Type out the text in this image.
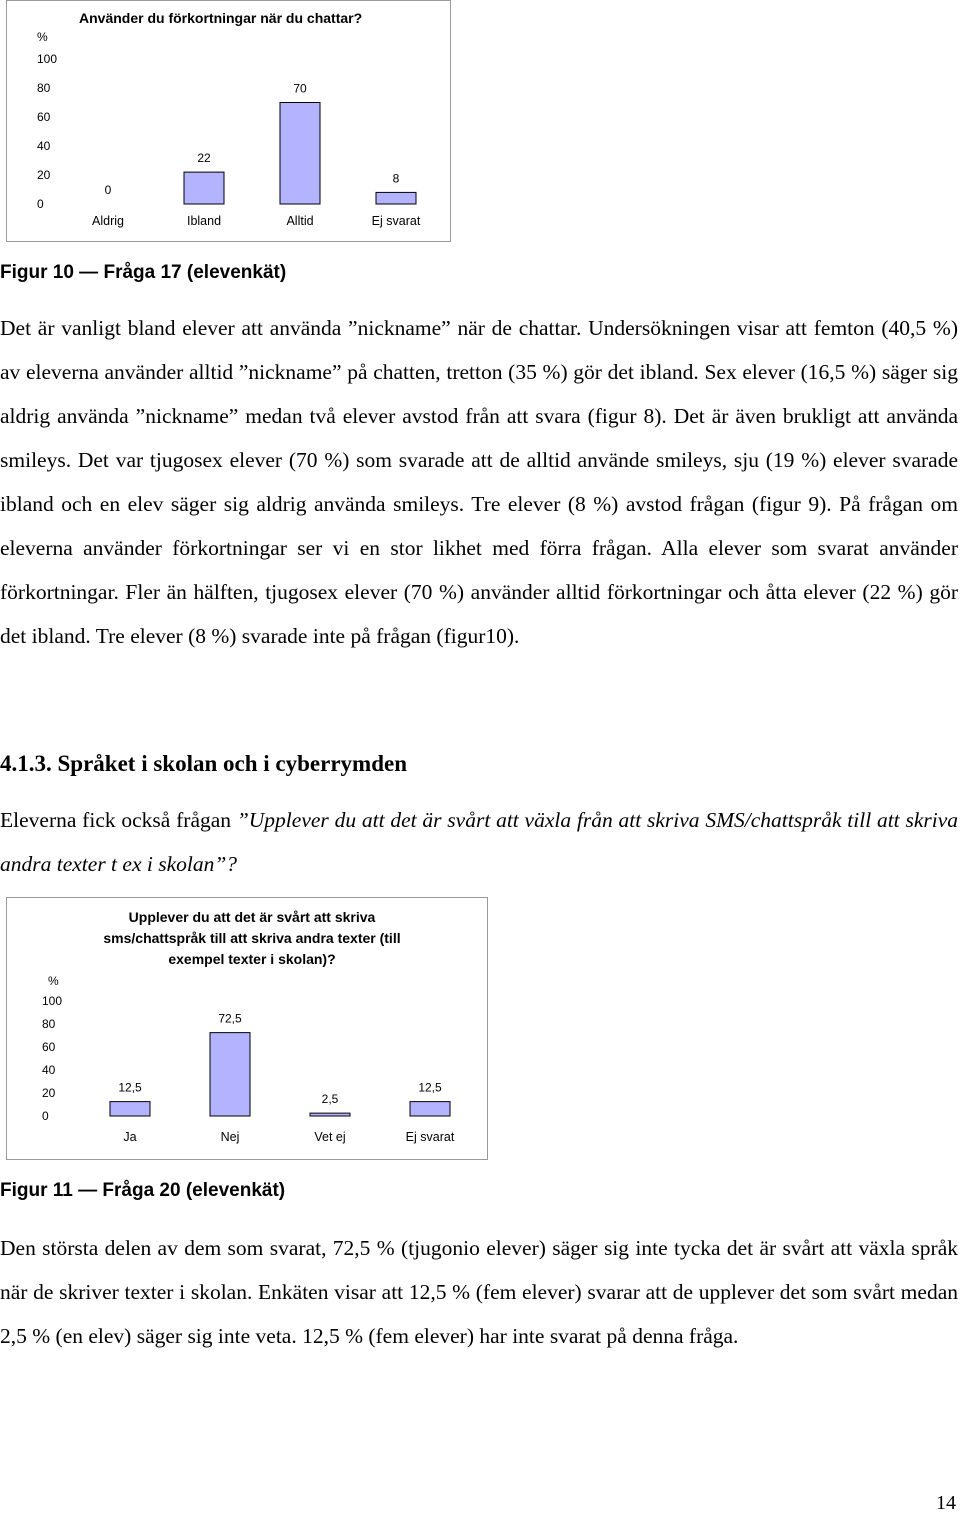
Använder du förkortningar när du chattar?
%
100
80
60
40
20
0
0
Aldrig
22
Ibland
70
Alltid
8
Ej svarat
Figur 10 — Fråga 17 (elevenkät)

Det är vanligt bland elever att använda ”nickname” när de chattar. Undersökningen visar att femton (40,5 %) av eleverna använder alltid ”nickname” på chatten, tretton (35 %) gör det ibland. Sex elever (16,5 %) säger sig aldrig använda ”nickname” medan två elever avstod från att svara (figur 8). Det är även brukligt att använda smileys. Det var tjugosex elever (70 %) som svarade att de alltid använde smileys, sju (19 %) elever svarade ibland och en elev säger sig aldrig använda smileys. Tre elever (8 %) avstod frågan (figur 9). På frågan om eleverna använder förkortningar ser vi en stor likhet med förra frågan. Alla elever som svarat använder förkortningar. Fler än hälften, tjugosex elever (70 %) använder alltid förkortningar och åtta elever (22 %) gör det ibland. Tre elever (8 %) svarade inte på frågan (figur10).

4.1.3. Språket i skolan och i cyberrymden

Eleverna fick också frågan ”Upplever du att det är svårt att växla från att skriva SMS/chattspråk till att skriva andra texter t ex i skolan”?

Upplever du att det är svårt att skriva
sms/chattspråk till att skriva andra texter (till
exempel texter i skolan)?
%
100
80
60
40
20
0
12,5
Ja
72,5
Nej
2,5
Vet ej
12,5
Ej svarat
Figur 11 — Fråga 20 (elevenkät)

Den största delen av dem som svarat, 72,5 % (tjugonio elever) säger sig inte tycka det är svårt att växla språk när de skriver texter i skolan. Enkäten visar att 12,5 % (fem elever) svarar att de upplever det som svårt medan 2,5 % (en elev) säger sig inte veta. 12,5 % (fem elever) har inte svarat på denna fråga.

14
